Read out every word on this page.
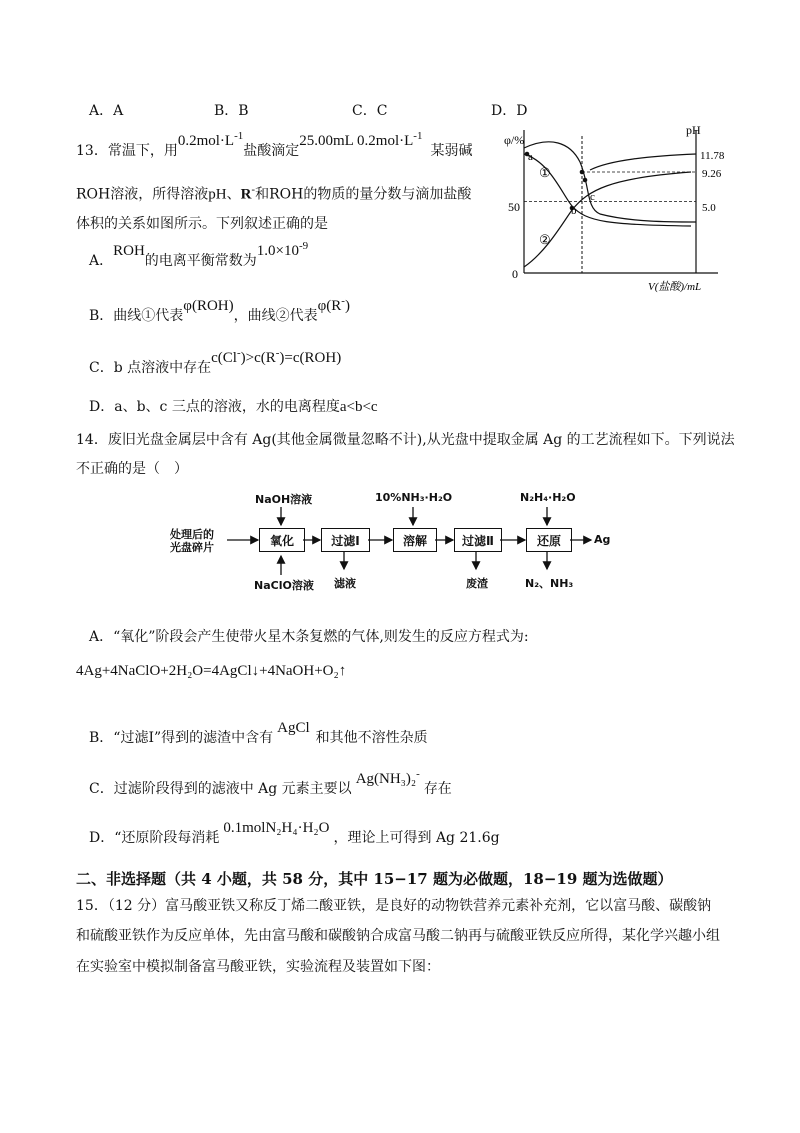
A．A	B．B	C．C	D．D
13．常温下，用$0.2mol\cdot L^{-1}$盐酸滴定25.00mL $0.2mol\cdot L^{-1}$某弱碱
ROH溶液，所得溶液pH、R-和ROH的物质的量分数与滴加盐酸
体积的关系如图所示。下列叙述正确的是
A．ROH的电离平衡常数为$1.0\times 10^{-9}$
B．曲线①代表φ(ROH)，曲线②代表φ(R-)
C．b 点溶液中存在c(Cl-)>c(R-)=c(ROH)
D．a、b、c 三点的溶液，水的电离程度a<b<c
φ/%
pH
50
0
11.78
9.26
5.0
a
b
c
①
②
V(盐酸)/mL
14．废旧光盘金属层中含有 Ag(其他金属微量忽略不计),从光盘中提取金属 Ag 的工艺流程如下。下列说法
不正确的是（　）
处理后的
光盘碎片	氧化	过滤Ⅰ	溶解	过滤Ⅱ	还原	Ag
NaOH溶液
NaClO溶液 滤液
10%NH₃·H₂O
废渣
N₂H₄·H₂O
N₂、NH₃
A．“氧化”阶段会产生使带火星木条复燃的气体,则发生的反应方程式为:
4Ag+4NaClO+2H₂O=4AgCl↓+4NaOH+O₂↑
B．“过滤Ⅰ”得到的滤渣中含有AgCl和其他不溶性杂质
C．过滤阶段得到的滤液中 Ag 元素主要以Ag(NH₃)₂-存在
D．“还原阶段每消耗0.1molN₂H₄·H₂O，理论上可得到 Ag 21.6g
二、非选择题（共 4 小题，共 58 分，其中 15−17 题为必做题，18−19 题为选做题）
15．（12 分）富马酸亚铁又称反丁烯二酸亚铁，是良好的动物铁营养元素补充剂，它以富马酸、碳酸钠
和硫酸亚铁作为反应单体，先由富马酸和碳酸钠合成富马酸二钠再与硫酸亚铁反应所得，某化学兴趣小组
在实验室中模拟制备富马酸亚铁，实验流程及装置如下图：
